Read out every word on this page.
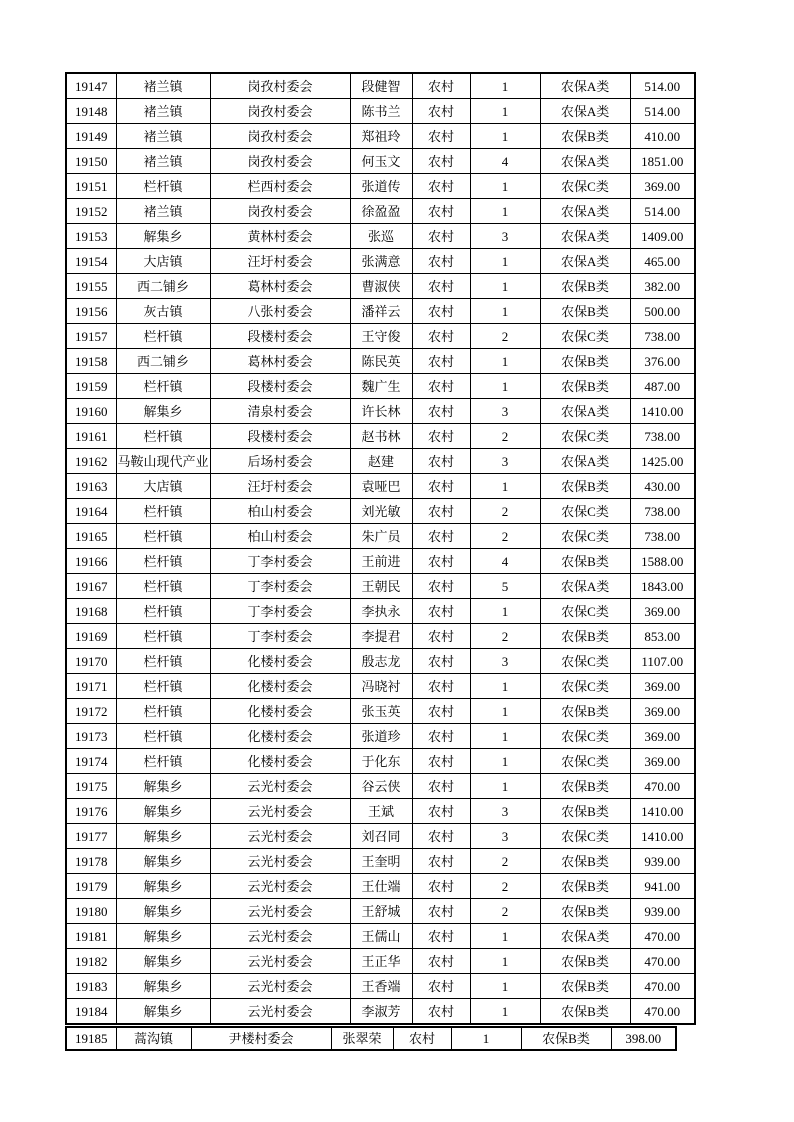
19147	褚兰镇	岗孜村委会	段健智	农村	1	农保A类	514.00
19148	褚兰镇	岗孜村委会	陈书兰	农村	1	农保A类	514.00
19149	褚兰镇	岗孜村委会	郑祖玲	农村	1	农保B类	410.00
19150	褚兰镇	岗孜村委会	何玉文	农村	4	农保A类	1851.00
19151	栏杆镇	栏西村委会	张道传	农村	1	农保C类	369.00
19152	褚兰镇	岗孜村委会	徐盈盈	农村	1	农保A类	514.00
19153	解集乡	黄林村委会	张巡	农村	3	农保A类	1409.00
19154	大店镇	汪圩村委会	张满意	农村	1	农保A类	465.00
19155	西二铺乡	葛林村委会	曹淑侠	农村	1	农保B类	382.00
19156	灰古镇	八张村委会	潘祥云	农村	1	农保B类	500.00
19157	栏杆镇	段楼村委会	王守俊	农村	2	农保C类	738.00
19158	西二铺乡	葛林村委会	陈民英	农村	1	农保B类	376.00
19159	栏杆镇	段楼村委会	魏广生	农村	1	农保B类	487.00
19160	解集乡	清泉村委会	许长林	农村	3	农保A类	1410.00
19161	栏杆镇	段楼村委会	赵书林	农村	2	农保C类	738.00
19162	马鞍山现代产业	后场村委会	赵建	农村	3	农保A类	1425.00
19163	大店镇	汪圩村委会	袁哑巴	农村	1	农保B类	430.00
19164	栏杆镇	柏山村委会	刘光敏	农村	2	农保C类	738.00
19165	栏杆镇	柏山村委会	朱广员	农村	2	农保C类	738.00
19166	栏杆镇	丁李村委会	王前进	农村	4	农保B类	1588.00
19167	栏杆镇	丁李村委会	王朝民	农村	5	农保A类	1843.00
19168	栏杆镇	丁李村委会	李执永	农村	1	农保C类	369.00
19169	栏杆镇	丁李村委会	李提君	农村	2	农保B类	853.00
19170	栏杆镇	化楼村委会	殷志龙	农村	3	农保C类	1107.00
19171	栏杆镇	化楼村委会	冯晓衬	农村	1	农保C类	369.00
19172	栏杆镇	化楼村委会	张玉英	农村	1	农保B类	369.00
19173	栏杆镇	化楼村委会	张道珍	农村	1	农保C类	369.00
19174	栏杆镇	化楼村委会	于化东	农村	1	农保C类	369.00
19175	解集乡	云光村委会	谷云侠	农村	1	农保B类	470.00
19176	解集乡	云光村委会	王斌	农村	3	农保B类	1410.00
19177	解集乡	云光村委会	刘召同	农村	3	农保C类	1410.00
19178	解集乡	云光村委会	王奎明	农村	2	农保B类	939.00
19179	解集乡	云光村委会	王仕端	农村	2	农保B类	941.00
19180	解集乡	云光村委会	王舒城	农村	2	农保B类	939.00
19181	解集乡	云光村委会	王儒山	农村	1	农保A类	470.00
19182	解集乡	云光村委会	王正华	农村	1	农保B类	470.00
19183	解集乡	云光村委会	王香端	农村	1	农保B类	470.00
19184	解集乡	云光村委会	李淑芳	农村	1	农保B类	470.00
19185	蒿沟镇	尹楼村委会	张翠荣	农村	1	农保B类	398.00
